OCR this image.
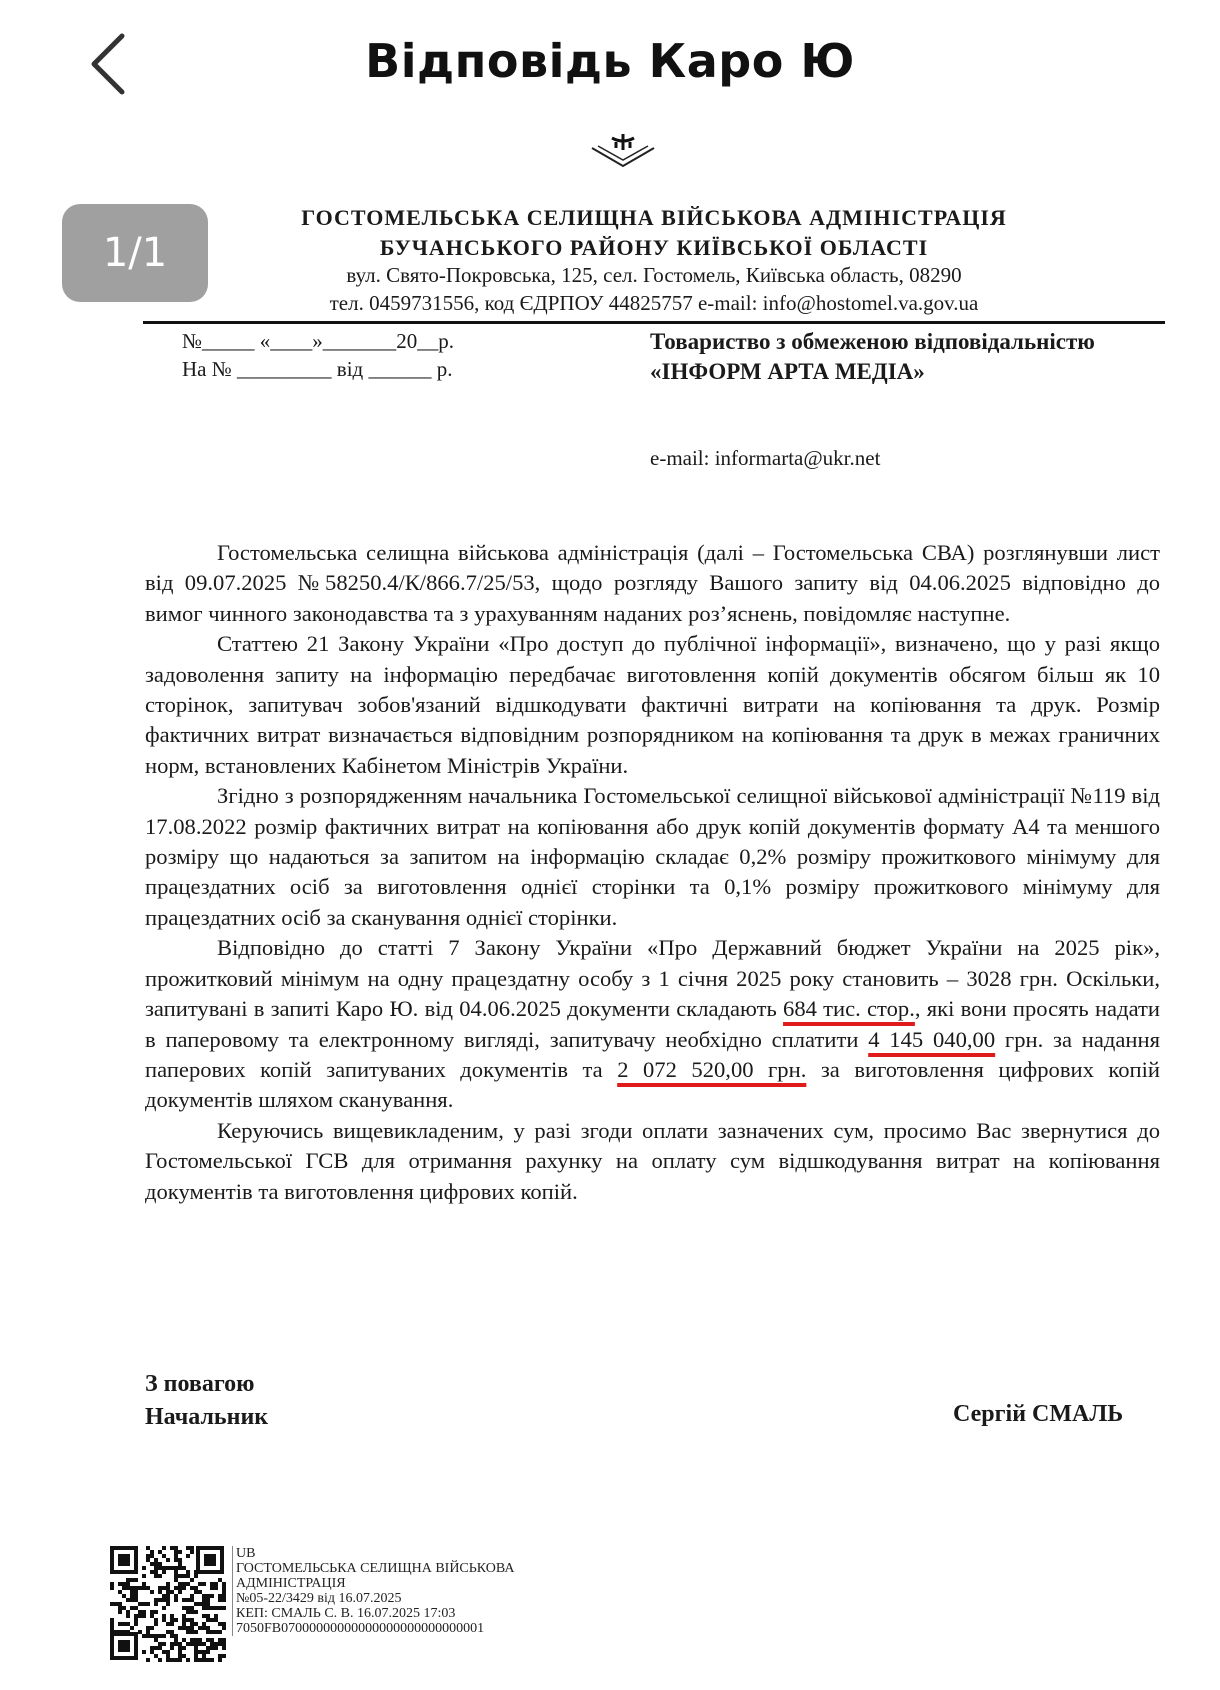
Відповідь Каро Ю
1/1
ГОСТОМЕЛЬСЬКА СЕЛИЩНА ВІЙСЬКОВА АДМІНІСТРАЦІЯ
БУЧАНСЬКОГО РАЙОНУ КИЇВСЬКОЇ ОБЛАСТІ
вул. Свято-Покровська, 125, сел. Гостомель, Київська область, 08290
тел. 0459731556, код ЄДРПОУ 44825757 e-mail: info@hostomel.va.gov.ua
№_____ «____»_______20__р.
На № _________ від ______ р.
Товариство з обмеженою відповідальністю «ІНФОРМ АРТА МЕДІА»
e-mail: informarta@ukr.net

Гостомельська селищна військова адміністрація (далі – Гостомельська СВА) розглянувши лист від 09.07.2025 №58250.4/К/866.7/25/53, щодо розгляду Вашого запиту від 04.06.2025 відповідно до вимог чинного законодавства та з урахуванням наданих роз’яснень, повідомляє наступне.

Статтею 21 Закону України «Про доступ до публічної інформації», визначено, що у разі якщо задоволення запиту на інформацію передбачає виготовлення копій документів обсягом більш як 10 сторінок, запитувач зобов'язаний відшкодувати фактичні витрати на копіювання та друк. Розмір фактичних витрат визначається відповідним розпорядником на копіювання та друк в межах граничних норм, встановлених Кабінетом Міністрів України.

Згідно з розпорядженням начальника Гостомельської селищної військової адміністрації №119 від 17.08.2022 розмір фактичних витрат на копіювання або друк копій документів формату А4 та меншого розміру що надаються за запитом на інформацію складає 0,2% розміру прожиткового мінімуму для працездатних осіб за виготовлення однієї сторінки та 0,1% розміру прожиткового мінімуму для працездатних осіб за сканування однієї сторінки.

Відповідно до статті 7 Закону України «Про Державний бюджет України на 2025 рік», прожитковий мінімум на одну працездатну особу з 1 січня 2025 року становить – 3028 грн. Оскільки, запитувані в запиті Каро Ю. від 04.06.2025 документи складають 684 тис. стор., які вони просять надати в паперовому та електронному вигляді, запитувачу необхідно сплатити 4 145 040,00 грн. за надання паперових копій запитуваних документів та 2 072 520,00 грн. за виготовлення цифрових копій документів шляхом сканування.

Керуючись вищевикладеним, у разі згоди оплати зазначених сум, просимо Вас звернутися до Гостомельської ГСВ для отримання рахунку на оплату сум відшкодування витрат на копіювання документів та виготовлення цифрових копій.

З повагою
Начальник	Сергій СМАЛЬ
UB
ГОСТОМЕЛЬСЬКА СЕЛИЩНА ВІЙСЬКОВА
АДМІНІСТРАЦІЯ
№05-22/3429 від 16.07.2025
КЕП: СМАЛЬ С. В. 16.07.2025 17:03
7050FB07000000000000000000000000001
